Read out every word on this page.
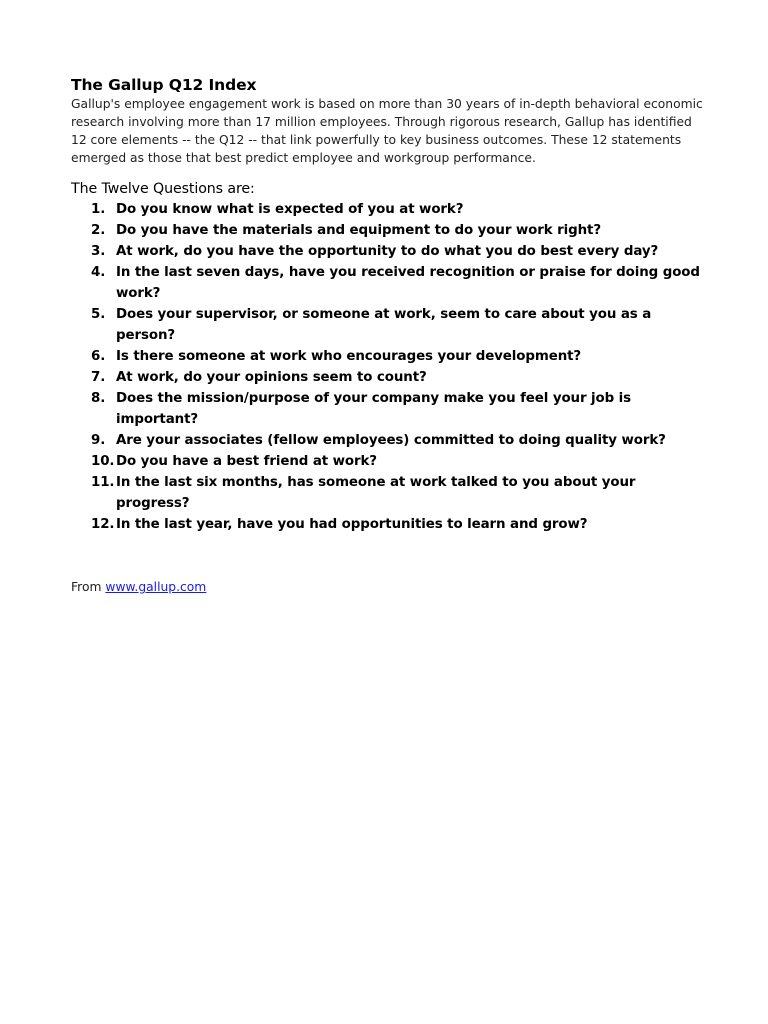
The Gallup Q12 Index

Gallup's employee engagement work is based on more than 30 years of in-depth behavioral economic research involving more than 17 million employees. Through rigorous research, Gallup has identified 12 core elements -- the Q12 -- that link powerfully to key business outcomes. These 12 statements emerged as those that best predict employee and workgroup performance.

The Twelve Questions are:

1. Do you know what is expected of you at work?
2. Do you have the materials and equipment to do your work right?
3. At work, do you have the opportunity to do what you do best every day?
4. In the last seven days, have you received recognition or praise for doing good work?
5. Does your supervisor, or someone at work, seem to care about you as a person?
6. Is there someone at work who encourages your development?
7. At work, do your opinions seem to count?
8. Does the mission/purpose of your company make you feel your job is important?
9. Are your associates (fellow employees) committed to doing quality work?
10. Do you have a best friend at work?
11. In the last six months, has someone at work talked to you about your progress?
12. In the last year, have you had opportunities to learn and grow?
From www.gallup.com
